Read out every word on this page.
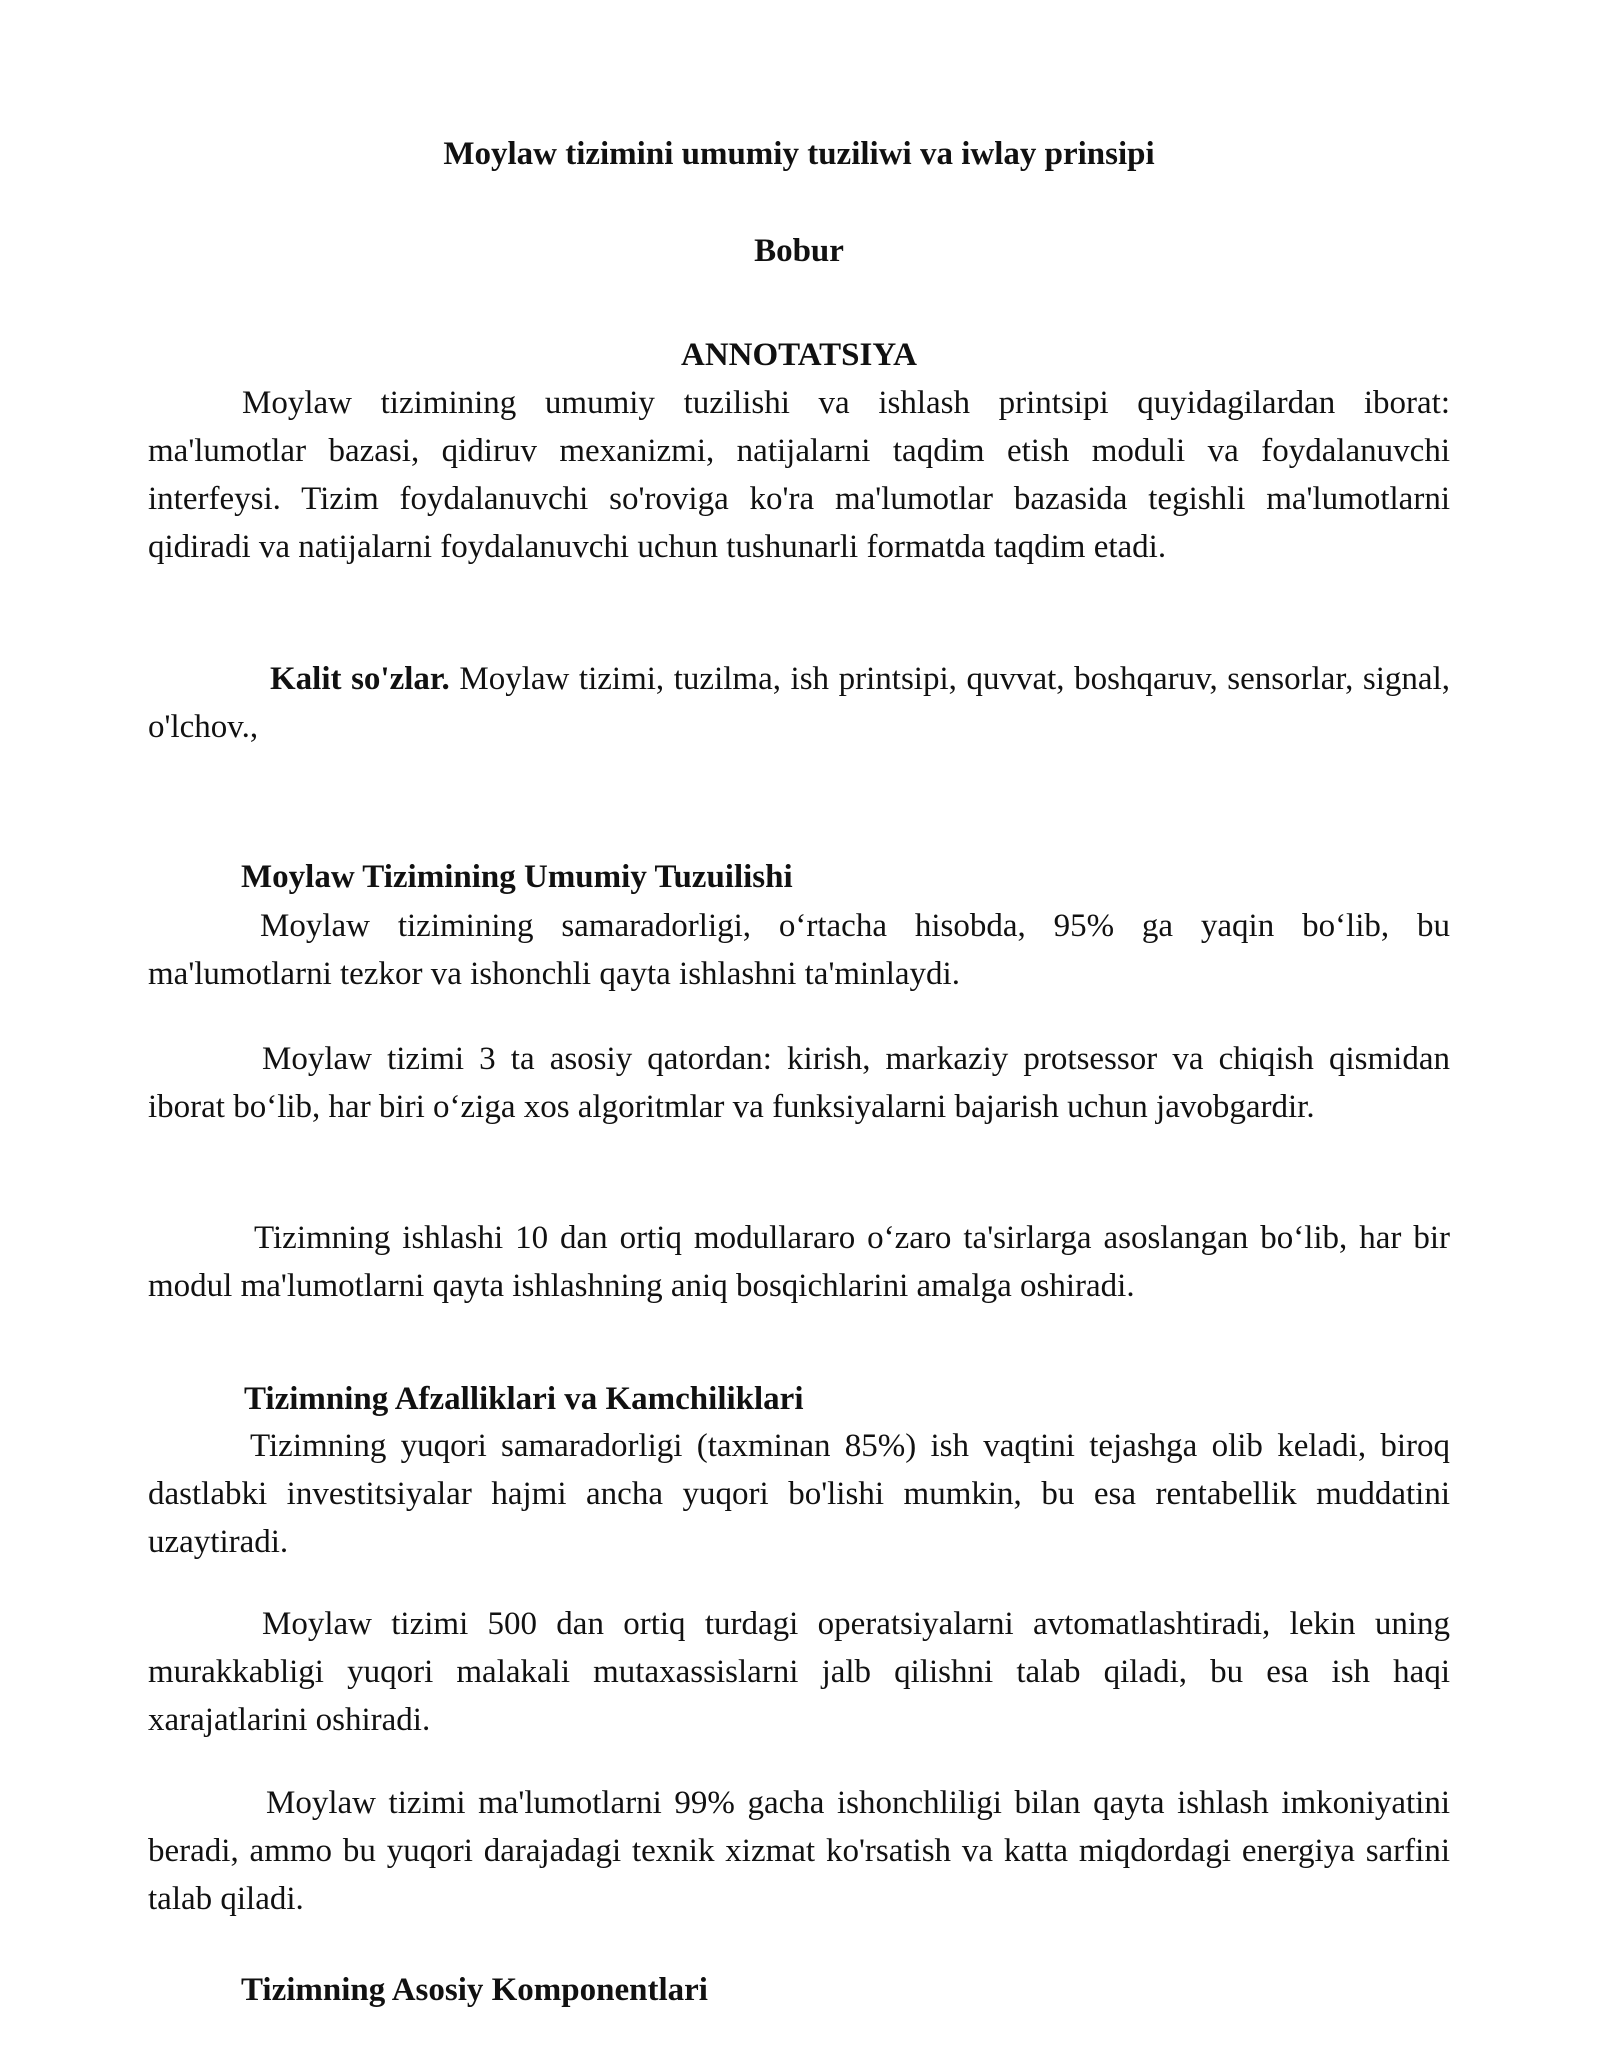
Moylaw tizimini umumiy tuziliwi va iwlay prinsipi
Bobur
ANNOTATSIYA
Moylaw tizimining umumiy tuzilishi va ishlash printsipi quyidagilardan iborat: ma'lumotlar bazasi, qidiruv mexanizmi, natijalarni taqdim etish moduli va foydalanuvchi interfeysi. Tizim foydalanuvchi so'roviga ko'ra ma'lumotlar bazasida tegishli ma'lumotlarni qidiradi va natijalarni foydalanuvchi uchun tushunarli formatda taqdim etadi.
Kalit so'zlar. Moylaw tizimi, tuzilma, ish printsipi, quvvat, boshqaruv, sensorlar, signal, o'lchov.,
Moylaw Tizimining Umumiy Tuzuilishi
Moylaw tizimining samaradorligi, o‘rtacha hisobda, 95% ga yaqin bo‘lib, bu ma'lumotlarni tezkor va ishonchli qayta ishlashni ta'minlaydi.
Moylaw tizimi 3 ta asosiy qatordan: kirish, markaziy protsessor va chiqish qismidan iborat bo‘lib, har biri o‘ziga xos algoritmlar va funksiyalarni bajarish uchun javobgardir.
Tizimning ishlashi 10 dan ortiq modullararo o‘zaro ta'sirlarga asoslangan bo‘lib, har bir modul ma'lumotlarni qayta ishlashning aniq bosqichlarini amalga oshiradi.
Tizimning Afzalliklari va Kamchiliklari
Tizimning yuqori samaradorligi (taxminan 85%) ish vaqtini tejashga olib keladi, biroq dastlabki investitsiyalar hajmi ancha yuqori bo'lishi mumkin, bu esa rentabellik muddatini uzaytiradi.
Moylaw tizimi 500 dan ortiq turdagi operatsiyalarni avtomatlashtiradi, lekin uning murakkabligi yuqori malakali mutaxassislarni jalb qilishni talab qiladi, bu esa ish haqi xarajatlarini oshiradi.
Moylaw tizimi ma'lumotlarni 99% gacha ishonchliligi bilan qayta ishlash imkoniyatini beradi, ammo bu yuqori darajadagi texnik xizmat ko'rsatish va katta miqdordagi energiya sarfini talab qiladi.
Tizimning Asosiy Komponentlari
